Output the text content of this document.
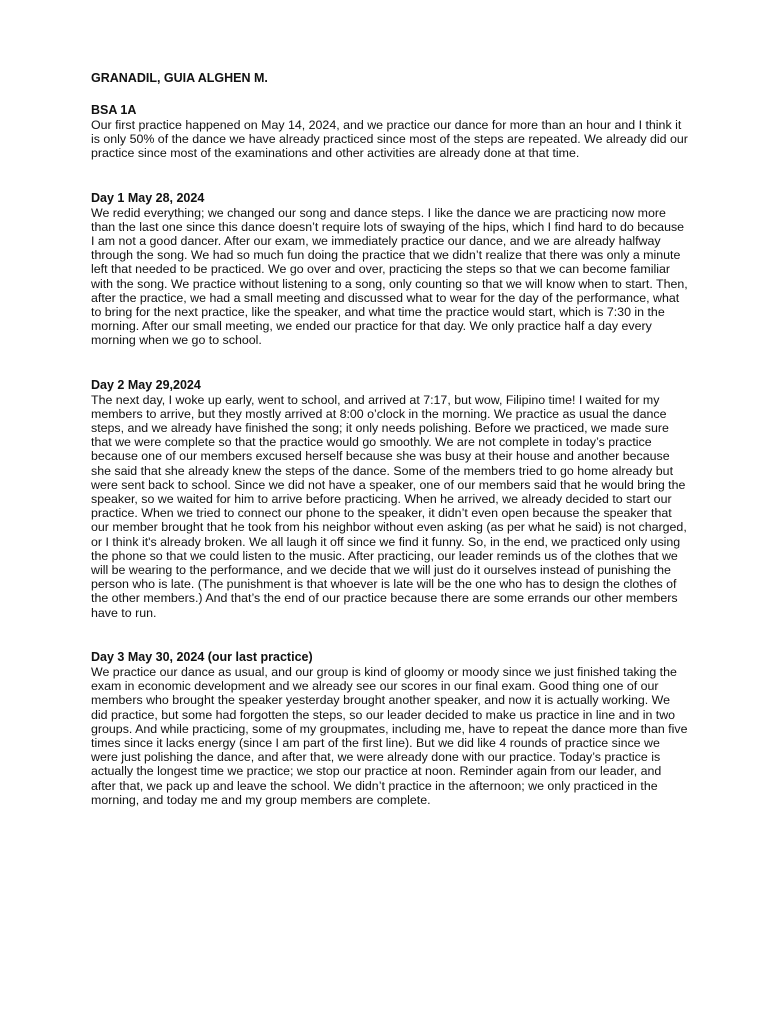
GRANADIL, GUIA ALGHEN M.
BSA 1A

Our first practice happened on May 14, 2024, and we practice our dance for more than an hour and I think it is only 50% of the dance we have already practiced since most of the steps are repeated. We already did our practice since most of the examinations and other activities are already done at that time.

Day 1 May 28, 2024

We redid everything; we changed our song and dance steps. I like the dance we are practicing now more than the last one since this dance doesn’t require lots of swaying of the hips, which I find hard to do because I am not a good dancer. After our exam, we immediately practice our dance, and we are already halfway through the song. We had so much fun doing the practice that we didn’t realize that there was only a minute left that needed to be practiced. We go over and over, practicing the steps so that we can become familiar with the song. We practice without listening to a song, only counting so that we will know when to start. Then, after the practice, we had a small meeting and discussed what to wear for the day of the performance, what to bring for the next practice, like the speaker, and what time the practice would start, which is 7:30 in the morning. After our small meeting, we ended our practice for that day. We only practice half a day every morning when we go to school.

Day 2 May 29,2024

The next day, I woke up early, went to school, and arrived at 7:17, but wow, Filipino time! I waited for my members to arrive, but they mostly arrived at 8:00 o’clock in the morning. We practice as usual the dance steps, and we already have finished the song; it only needs polishing. Before we practiced, we made sure that we were complete so that the practice would go smoothly. We are not complete in today’s practice because one of our members excused herself because she was busy at their house and another because she said that she already knew the steps of the dance. Some of the members tried to go home already but were sent back to school. Since we did not have a speaker, one of our members said that he would bring the speaker, so we waited for him to arrive before practicing. When he arrived, we already decided to start our practice. When we tried to connect our phone to the speaker, it didn’t even open because the speaker that our member brought that he took from his neighbor without even asking (as per what he said) is not charged, or I think it's already broken. We all laugh it off since we find it funny. So, in the end, we practiced only using the phone so that we could listen to the music. After practicing, our leader reminds us of the clothes that we will be wearing to the performance, and we decide that we will just do it ourselves instead of punishing the person who is late. (The punishment is that whoever is late will be the one who has to design the clothes of the other members.) And that’s the end of our practice because there are some errands our other members have to run.

Day 3 May 30, 2024 (our last practice)

We practice our dance as usual, and our group is kind of gloomy or moody since we just finished taking the exam in economic development and we already see our scores in our final exam. Good thing one of our members who brought the speaker yesterday brought another speaker, and now it is actually working. We did practice, but some had forgotten the steps, so our leader decided to make us practice in line and in two groups. And while practicing, some of my groupmates, including me, have to repeat the dance more than five times since it lacks energy (since I am part of the first line). But we did like 4 rounds of practice since we were just polishing the dance, and after that, we were already done with our practice. Today’s practice is actually the longest time we practice; we stop our practice at noon. Reminder again from our leader, and after that, we pack up and leave the school. We didn’t practice in the afternoon; we only practiced in the morning, and today me and my group members are complete.
